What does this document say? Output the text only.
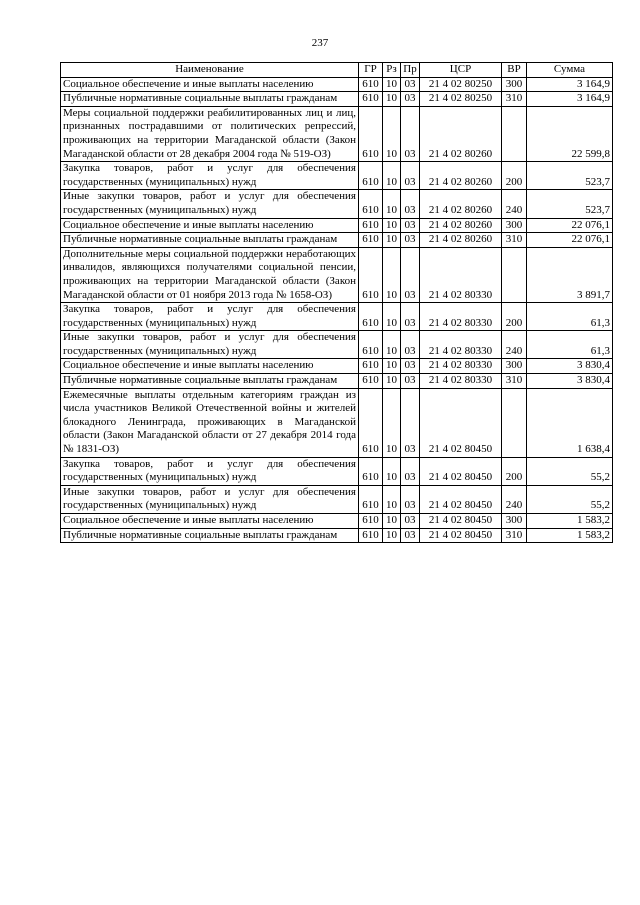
237
Наименование	ГР	Рз	Пр	ЦСР	ВР	Сумма
Социальное обеспечение и иные выплаты населению	610	10	03	21 4 02 80250	300	3 164,9
Публичные нормативные социальные выплаты гражданам	610	10	03	21 4 02 80250	310	3 164,9
Меры социальной поддержки реабилитированных лиц и лиц, признанных пострадавшими от политических репрессий, проживающих на территории Магаданской области (Закон Магаданской области от 28 декабря 2004 года № 519-ОЗ)	610	10	03	21 4 02 80260		22 599,8
Закупка товаров, работ и услуг для обеспечения государственных (муниципальных) нужд	610	10	03	21 4 02 80260	200	523,7
Иные закупки товаров, работ и услуг для обеспечения государственных (муниципальных) нужд	610	10	03	21 4 02 80260	240	523,7
Социальное обеспечение и иные выплаты населению	610	10	03	21 4 02 80260	300	22 076,1
Публичные нормативные социальные выплаты гражданам	610	10	03	21 4 02 80260	310	22 076,1
Дополнительные меры социальной поддержки неработающих инвалидов, являющихся получателями социальной пенсии, проживающих на территории Магаданской области (Закон Магаданской области от 01 ноября 2013 года № 1658-ОЗ)	610	10	03	21 4 02 80330		3 891,7
Закупка товаров, работ и услуг для обеспечения государственных (муниципальных) нужд	610	10	03	21 4 02 80330	200	61,3
Иные закупки товаров, работ и услуг для обеспечения государственных (муниципальных) нужд	610	10	03	21 4 02 80330	240	61,3
Социальное обеспечение и иные выплаты населению	610	10	03	21 4 02 80330	300	3 830,4
Публичные нормативные социальные выплаты гражданам	610	10	03	21 4 02 80330	310	3 830,4
Ежемесячные выплаты отдельным категориям граждан из числа участников Великой Отечественной войны и жителей блокадного Ленинграда, проживающих в Магаданской области (Закон Магаданской области от 27 декабря 2014 года № 1831-ОЗ)	610	10	03	21 4 02 80450		1 638,4
Закупка товаров, работ и услуг для обеспечения государственных (муниципальных) нужд	610	10	03	21 4 02 80450	200	55,2
Иные закупки товаров, работ и услуг для обеспечения государственных (муниципальных) нужд	610	10	03	21 4 02 80450	240	55,2
Социальное обеспечение и иные выплаты населению	610	10	03	21 4 02 80450	300	1 583,2
Публичные нормативные социальные выплаты гражданам	610	10	03	21 4 02 80450	310	1 583,2
